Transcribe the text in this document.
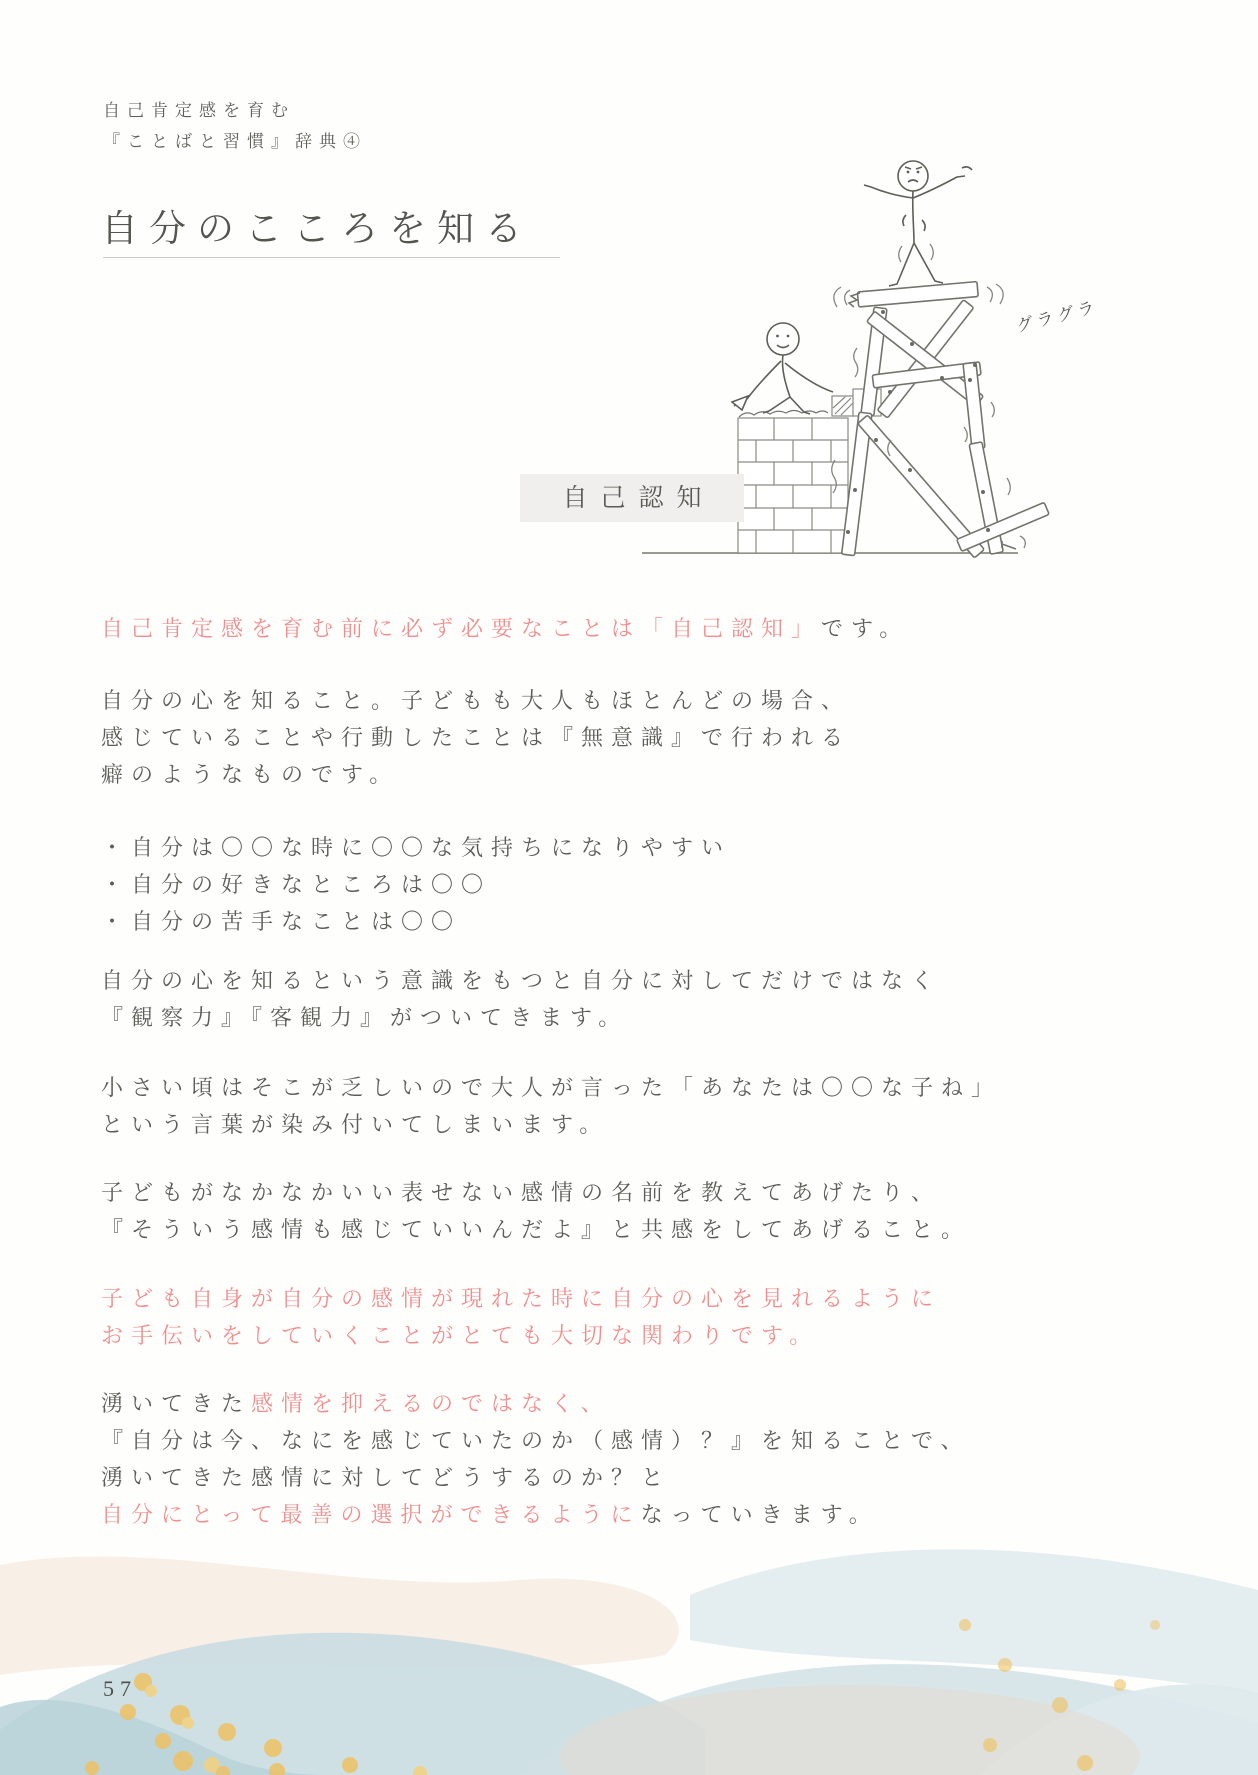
自己肯定感を育む
『ことばと習慣』辞典④
自分のこころを知る
グラグラ
自己認知
自己肯定感を育む前に必ず必要なことは「自己認知」です。
自分の心を知ること。子どもも大人もほとんどの場合、
感じていることや行動したことは『無意識』で行われる
癖のようなものです。
・自分は〇〇な時に〇〇な気持ちになりやすい
・自分の好きなところは〇〇
・自分の苦手なことは〇〇
自分の心を知るという意識をもつと自分に対してだけではなく
『観察力』『客観力』がついてきます。
小さい頃はそこが乏しいので大人が言った「あなたは〇〇な子ね」
という言葉が染み付いてしまいます。
子どもがなかなかいい表せない感情の名前を教えてあげたり、
『そういう感情も感じていいんだよ』と共感をしてあげること。
子ども自身が自分の感情が現れた時に自分の心を見れるように
お手伝いをしていくことがとても大切な関わりです。
湧いてきた感情を抑えるのではなく、
『自分は今、なにを感じていたのか（感情）？』を知ることで、
湧いてきた感情に対してどうするのか？と
自分にとって最善の選択ができるようになっていきます。
57
